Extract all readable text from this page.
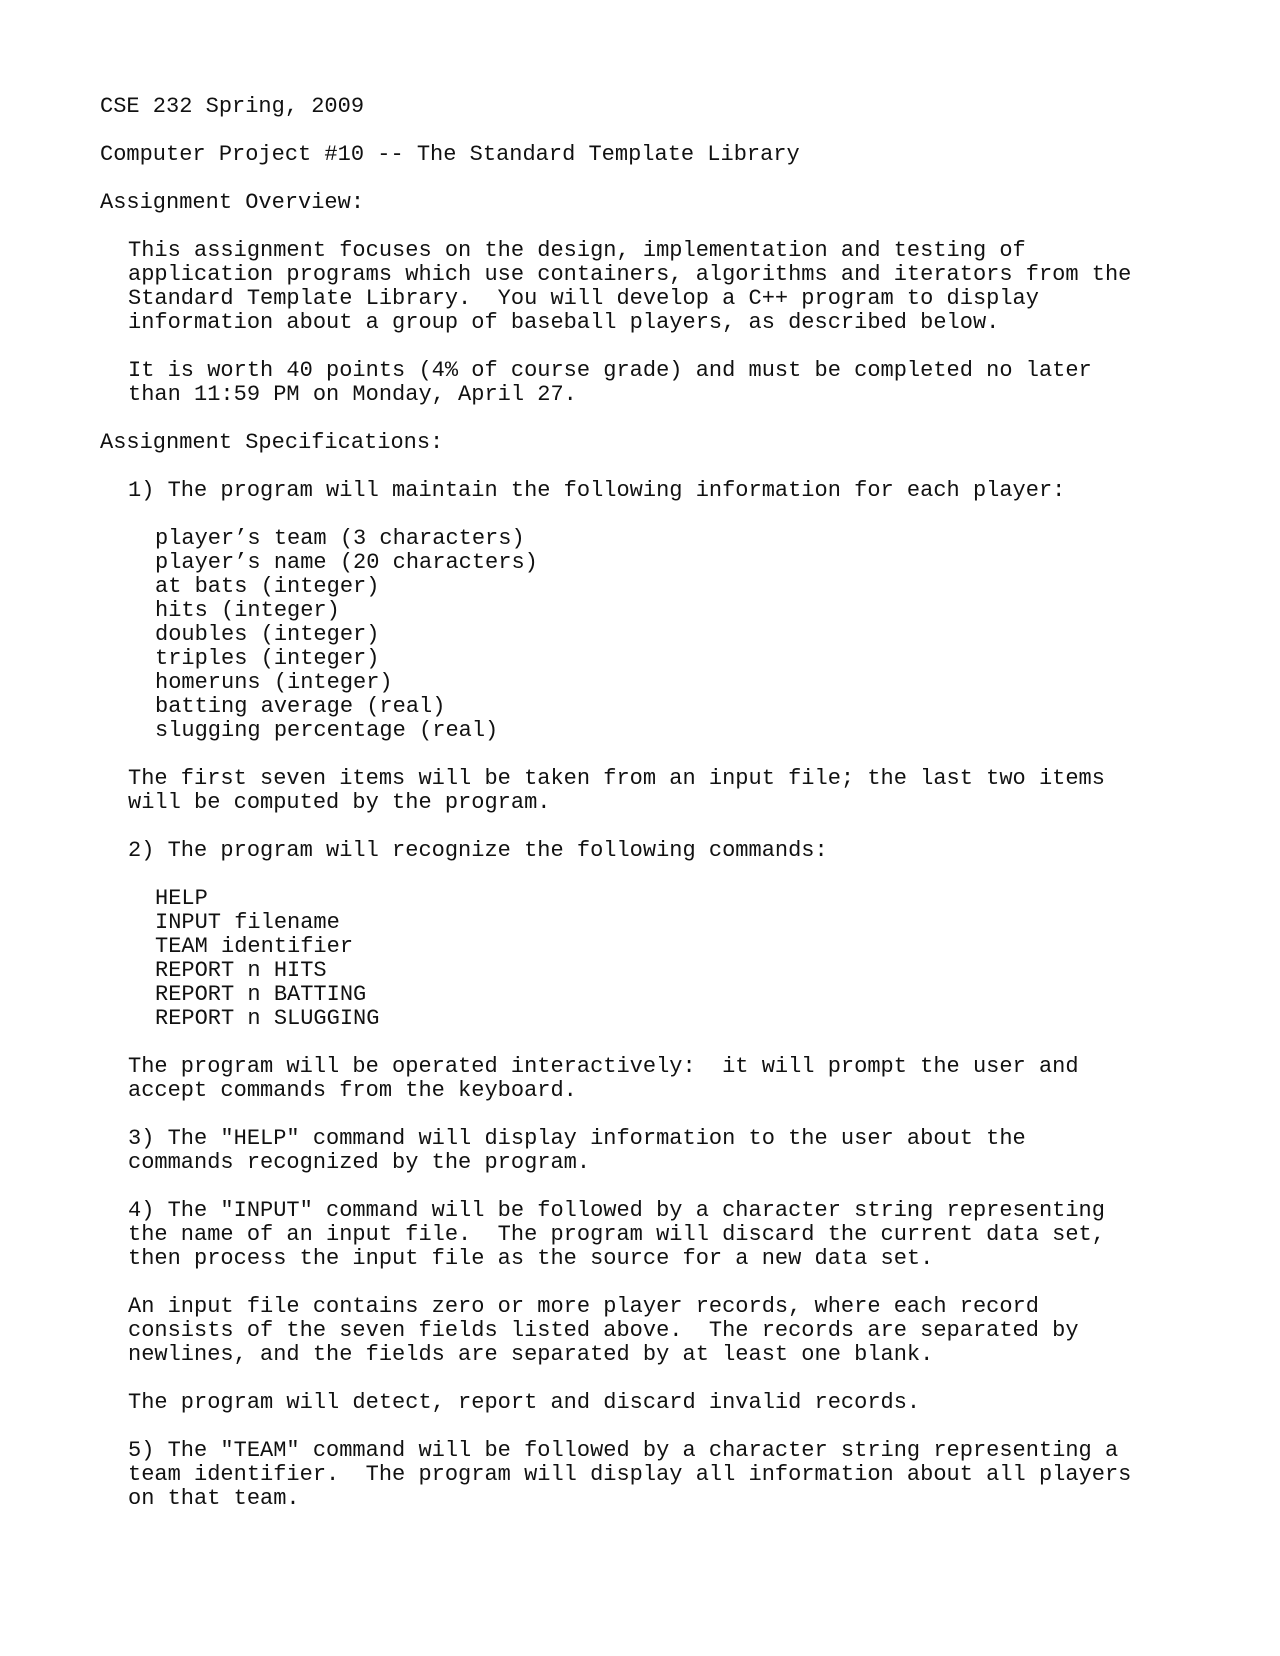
CSE 232 Spring, 2009
Computer Project #10 -- The Standard Template Library
Assignment Overview:
This assignment focuses on the design, implementation and testing of
application programs which use containers, algorithms and iterators from the
Standard Template Library.  You will develop a C++ program to display
information about a group of baseball players, as described below.
It is worth 40 points (4% of course grade) and must be completed no later
than 11:59 PM on Monday, April 27.
Assignment Specifications:
1) The program will maintain the following information for each player:
player’s team (3 characters)
player’s name (20 characters)
at bats (integer)
hits (integer)
doubles (integer)
triples (integer)
homeruns (integer)
batting average (real)
slugging percentage (real)
The first seven items will be taken from an input file; the last two items
will be computed by the program.
2) The program will recognize the following commands:
HELP
INPUT filename
TEAM identifier
REPORT n HITS
REPORT n BATTING
REPORT n SLUGGING
The program will be operated interactively:  it will prompt the user and
accept commands from the keyboard.
3) The "HELP" command will display information to the user about the
commands recognized by the program.
4) The "INPUT" command will be followed by a character string representing
the name of an input file.  The program will discard the current data set,
then process the input file as the source for a new data set.
An input file contains zero or more player records, where each record
consists of the seven fields listed above.  The records are separated by
newlines, and the fields are separated by at least one blank.
The program will detect, report and discard invalid records.
5) The "TEAM" command will be followed by a character string representing a
team identifier.  The program will display all information about all players
on that team.
